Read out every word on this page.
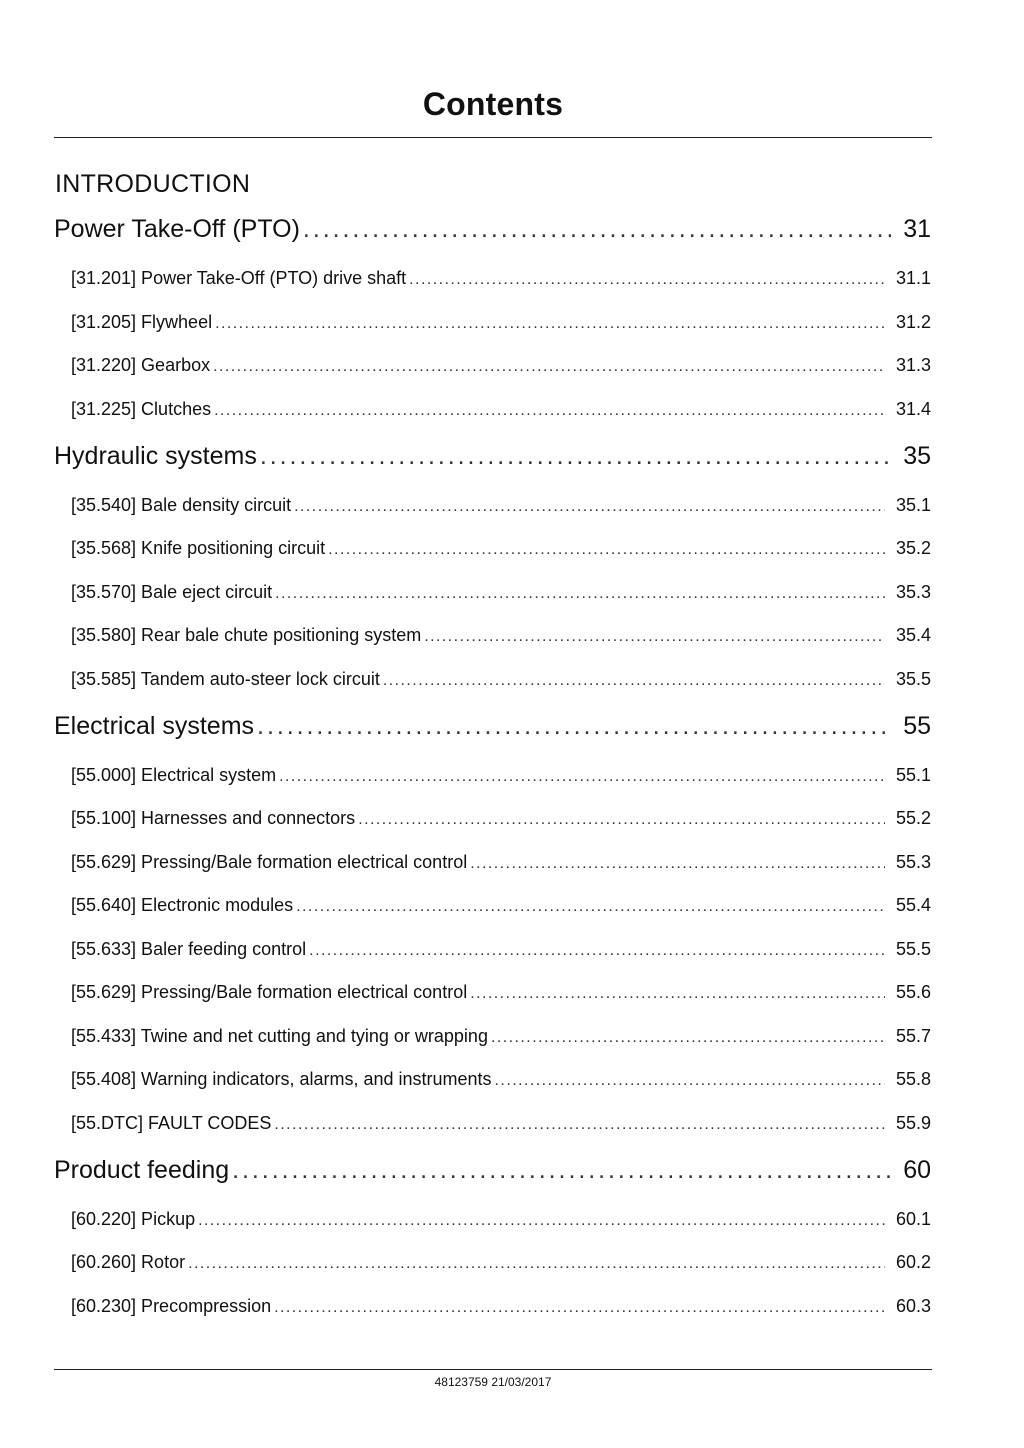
Contents
INTRODUCTION
Power Take-Off (PTO) . . .	31
[31.201] Power Take-Off (PTO) drive shaft . . .	31.1
[31.205] Flywheel . . .	31.2
[31.220] Gearbox . . .	31.3
[31.225] Clutches . . .	31.4
Hydraulic systems . . .	35
[35.540] Bale density circuit . . .	35.1
[35.568] Knife positioning circuit . . .	35.2
[35.570] Bale eject circuit . . .	35.3
[35.580] Rear bale chute positioning system . . .	35.4
[35.585] Tandem auto-steer lock circuit . . .	35.5
Electrical systems . . .	55
[55.000] Electrical system . . .	55.1
[55.100] Harnesses and connectors . . .	55.2
[55.629] Pressing/Bale formation electrical control . . .	55.3
[55.640] Electronic modules . . .	55.4
[55.633] Baler feeding control . . .	55.5
[55.629] Pressing/Bale formation electrical control . . .	55.6
[55.433] Twine and net cutting and tying or wrapping . . .	55.7
[55.408] Warning indicators, alarms, and instruments . . .	55.8
[55.DTC] FAULT CODES . . .	55.9
Product feeding . . .	60
[60.220] Pickup . . .	60.1
[60.260] Rotor . . .	60.2
[60.230] Precompression . . .	60.3
48123759 21/03/2017
